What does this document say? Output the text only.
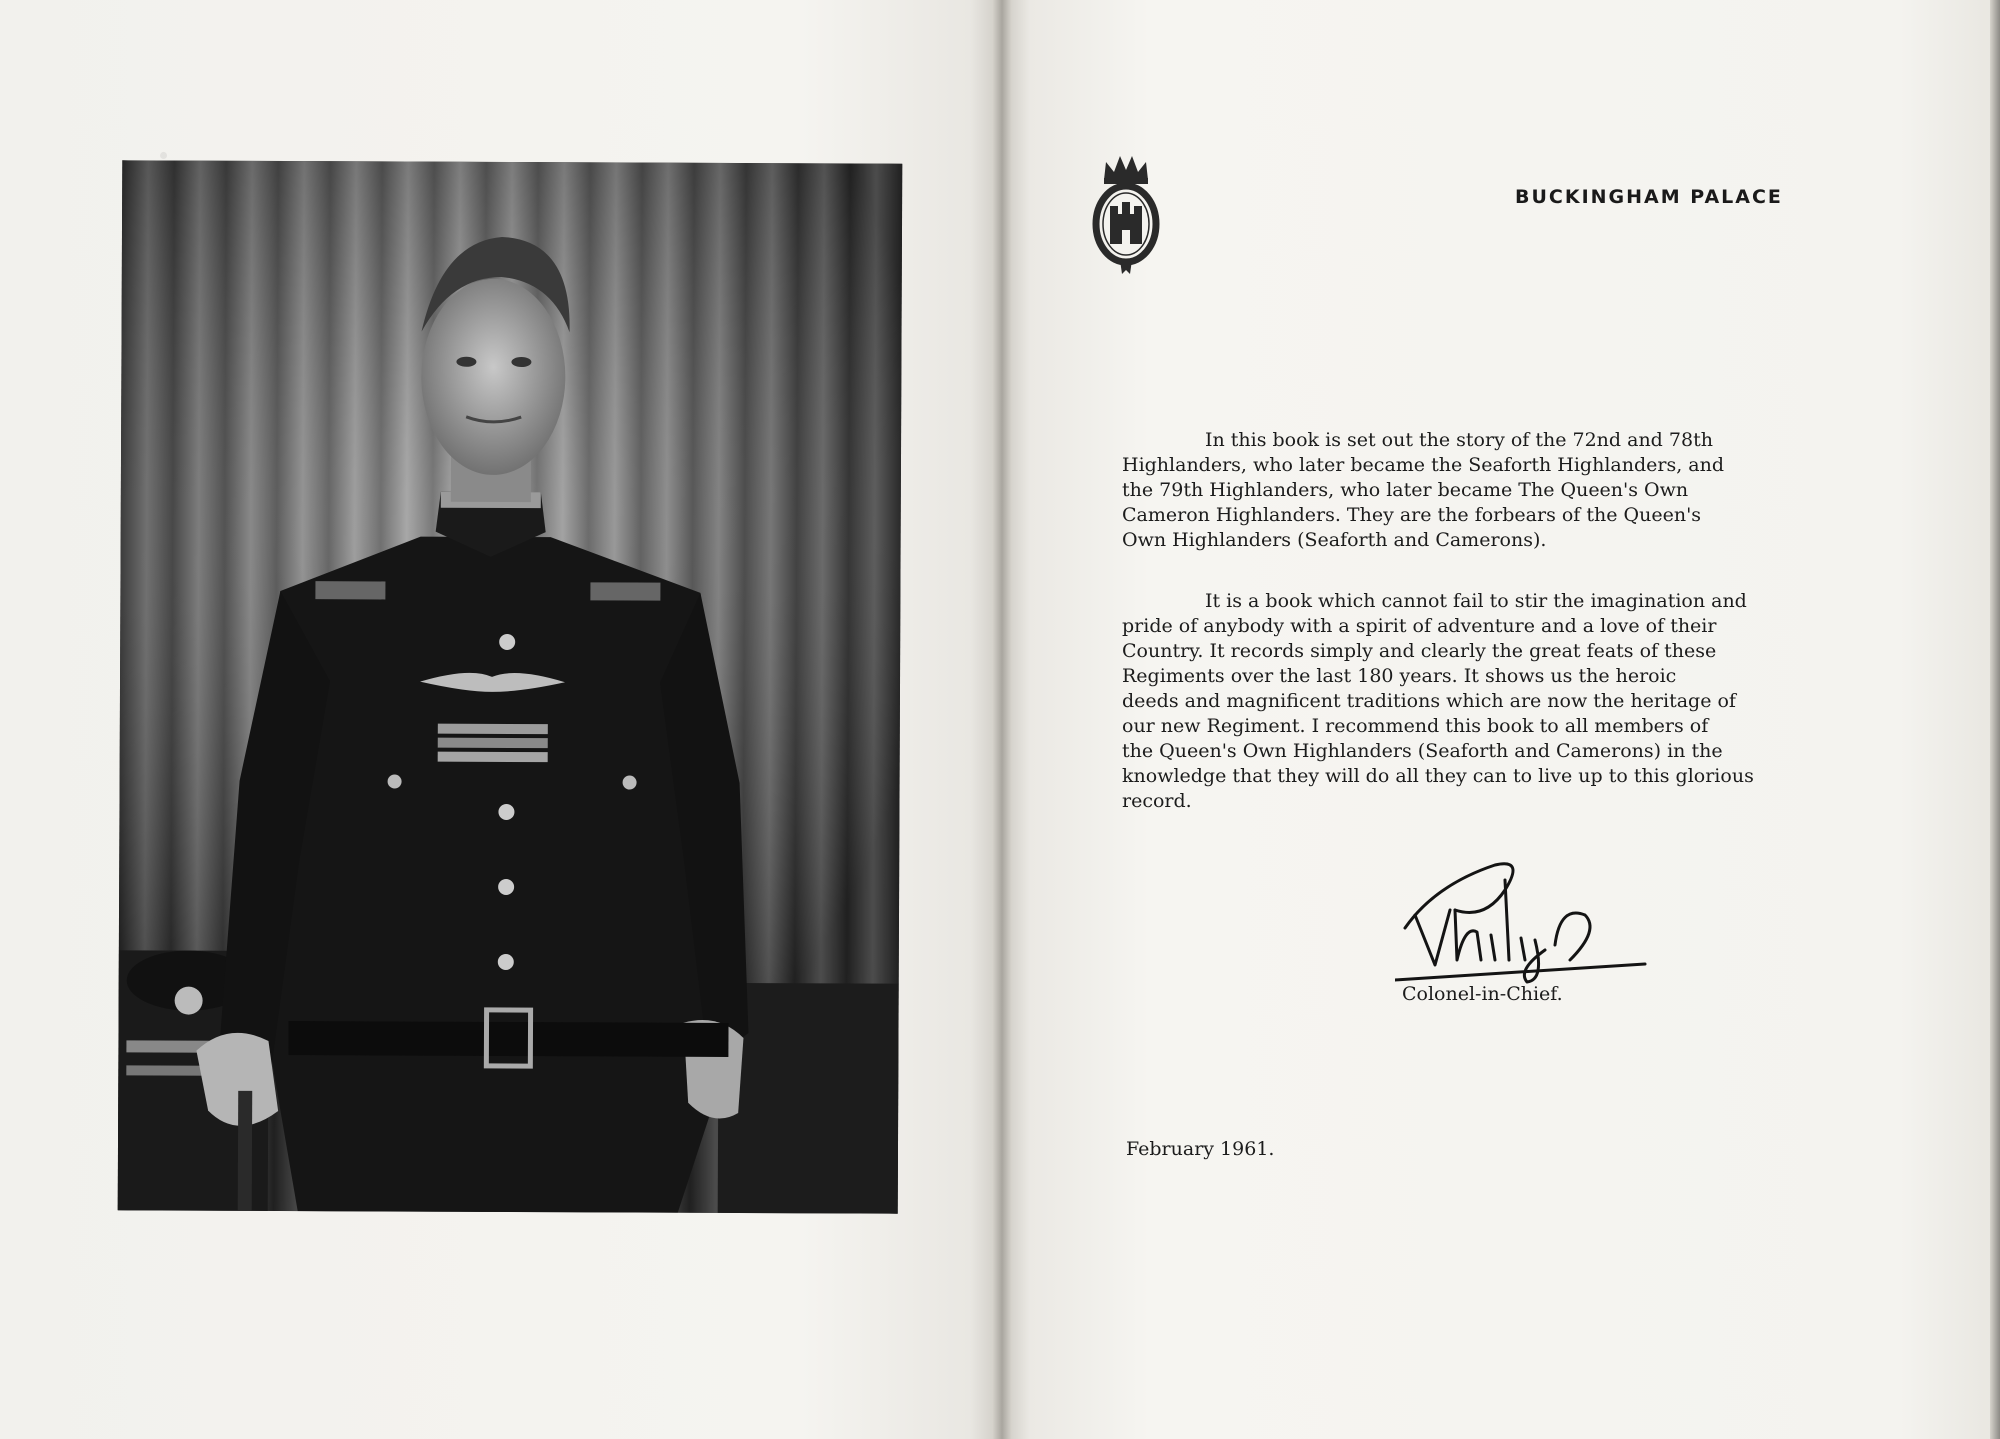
.
BUCKINGHAM PALACE

In this book is set out the story of the 72nd and 78th
Highlanders, who later became the Seaforth Highlanders, and
the 79th Highlanders, who later became The Queen's Own
Cameron Highlanders. They are the forbears of the Queen's
Own Highlanders (Seaforth and Camerons).

It is a book which cannot fail to stir the imagination and
pride of anybody with a spirit of adventure and a love of their
Country. It records simply and clearly the great feats of these
Regiments over the last 180 years. It shows us the heroic
deeds and magnificent traditions which are now the heritage of
our new Regiment. I recommend this book to all members of
the Queen's Own Highlanders (Seaforth and Camerons) in the
knowledge that they will do all they can to live up to this glorious
record.

Colonel-in-Chief.
February 1961.
